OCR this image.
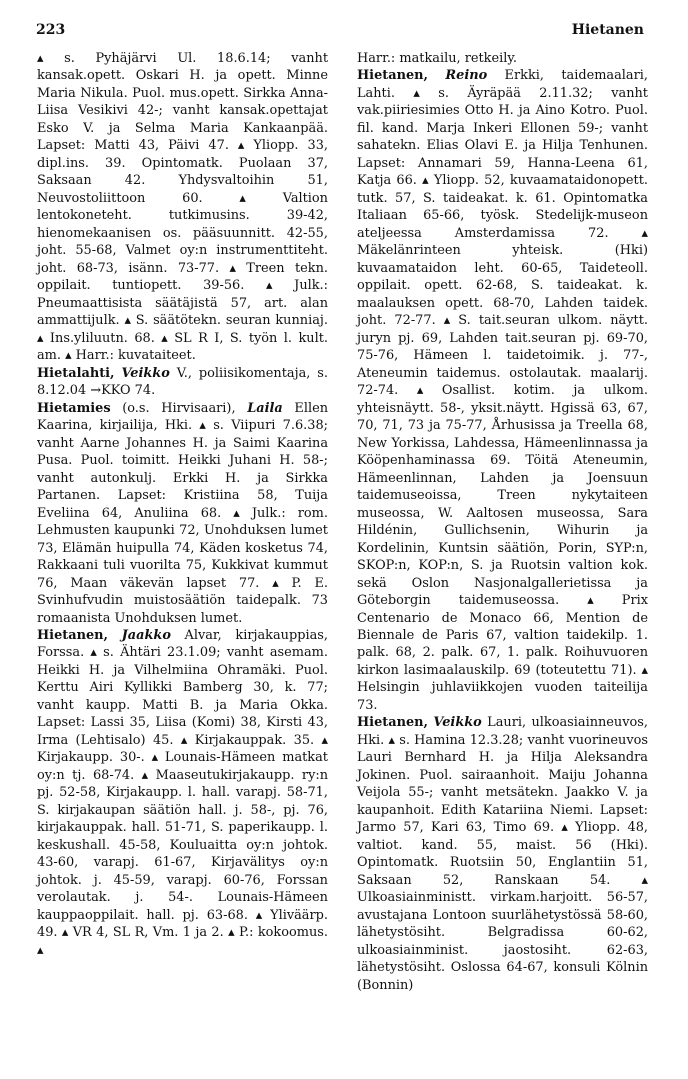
223	Hietanen

▴ s. Pyhäjärvi Ul. 18.6.14; vanht kansak.opett. Oskari H. ja opett. Minne Maria Nikula. Puol. mus.opett. Sirkka Anna-Liisa Vesikivi 42-; vanht kansak.opettajat Esko V. ja Selma Maria Kankaanpää. Lapset: Matti 43, Päivi 47. ▴ Yliopp. 33, dipl.ins. 39. Opintomatk. Puolaan 37, Saksaan 42. Yhdysvaltoihin 51, Neuvostoliittoon 60. ▴ Valtion lentokoneteht. tutkimusins. 39-42, hienomekaanisen os. pääsuunnitt. 42-55, joht. 55-68, Valmet oy:n instrumenttiteht. joht. 68-73, isänn. 73-77. ▴ Treen tekn. oppilait. tuntiopett. 39-56. ▴ Julk.: Pneumaattisista säätäjistä 57, art. alan ammattijulk. ▴ S. säätötekn. seuran kunniaj. ▴ Ins.yliluutn. 68. ▴ SL R I, S. työn l. kult. am. ▴ Harr.: kuvataiteet.

Hietalahti, Veikko V., poliisikomentaja, s. 8.12.04 →KKO 74.

Hietamies (o.s. Hirvisaari), Laila Ellen Kaarina, kirjailija, Hki. ▴ s. Viipuri 7.6.38; vanht Aarne Johannes H. ja Saimi Kaarina Pusa. Puol. toimitt. Heikki Juhani H. 58-; vanht autonkulj. Erkki H. ja Sirkka Partanen. Lapset: Kristiina 58, Tuija Eveliina 64, Anuliina 68. ▴ Julk.: rom. Lehmusten kaupunki 72, Unohduksen lumet 73, Elämän huipulla 74, Käden kosketus 74, Rakkaani tuli vuorilta 75, Kukkivat kummut 76, Maan väkevän lapset 77. ▴ P. E. Svinhufvudin muistosäätiön taidepalk. 73 romaanista Unohduksen lumet.

Hietanen, Jaakko Alvar, kirjakauppias, Forssa. ▴ s. Ähtäri 23.1.09; vanht asemam. Heikki H. ja Vilhelmiina Ohramäki. Puol. Kerttu Airi Kyllikki Bamberg 30, k. 77; vanht kaupp. Matti B. ja Maria Okka. Lapset: Lassi 35, Liisa (Komi) 38, Kirsti 43, Irma (Lehtisalo) 45. ▴ Kirjakauppak. 35. ▴ Kirjakaupp. 30-. ▴ Lounais-Hämeen matkat oy:n tj. 68-74. ▴ Maaseutukirjakaupp. ry:n pj. 52-58, Kirjakaupp. l. hall. varapj. 58-71, S. kirjakaupan säätiön hall. j. 58-, pj. 76, kirjakauppak. hall. 51-71, S. paperikaupp. l. keskushall. 45-58, Kouluaitta oy:n johtok. 43-60, varapj. 61-67, Kirjavälitys oy:n johtok. j. 45-59, varapj. 60-76, Forssan verolautak. j. 54-. Lounais-Hämeen kauppaoppilait. hall. pj. 63-68. ▴ Yliväärp. 49. ▴ VR 4, SL R, Vm. 1 ja 2. ▴ P.: kokoomus. ▴

Harr.: matkailu, retkeily.

Hietanen, Reino Erkki, taidemaalari, Lahti. ▴ s. Äyräpää 2.11.32; vanht vak.piiriesimies Otto H. ja Aino Kotro. Puol. fil. kand. Marja Inkeri Ellonen 59-; vanht sahatekn. Elias Olavi E. ja Hilja Tenhunen. Lapset: Annamari 59, Hanna-Leena 61, Katja 66. ▴ Yliopp. 52, kuvaamataidonopett. tutk. 57, S. taideakat. k. 61. Opintomatka Italiaan 65-66, työsk. Stedelijk-museon ateljeessa Amsterdamissa 72. ▴ Mäkelänrinteen yhteisk. (Hki) kuvaamataidon leht. 60-65, Taideteoll. oppilait. opett. 62-68, S. taideakat. k. maalauksen opett. 68-70, Lahden taidek. joht. 72-77. ▴ S. tait.seuran ulkom. näytt. juryn pj. 69, Lahden tait.seuran pj. 69-70, 75-76, Hämeen l. taidetoimik. j. 77-, Ateneumin taidemus. ostolautak. maalarij. 72-74. ▴ Osallist. kotim. ja ulkom. yhteisnäytt. 58-, yksit.näytt. Hgissä 63, 67, 70, 71, 73 ja 75-77, Århusissa ja Treella 68, New Yorkissa, Lahdessa, Hämeenlinnassa ja Kööpenhaminassa 69. Töitä Ateneumin, Hämeenlinnan, Lahden ja Joensuun taidemuseoissa, Treen nykytaiteen museossa, W. Aaltosen museossa, Sara Hildénin, Gullichsenin, Wihurin ja Kordelinin, Kuntsin säätiön, Porin, SYP:n, SKOP:n, KOP:n, S. ja Ruotsin valtion kok. sekä Oslon Nasjonalgallerietissa ja Göteborgin taidemuseossa. ▴ Prix Centenario de Monaco 66, Mention de Biennale de Paris 67, valtion taidekilp. 1. palk. 68, 2. palk. 67, 1. palk. Roihuvuoren kirkon lasimaalauskilp. 69 (toteutettu 71). ▴ Helsingin juhlaviikkojen vuoden taiteilija 73.

Hietanen, Veikko Lauri, ulkoasiainneuvos, Hki. ▴ s. Hamina 12.3.28; vanht vuorineuvos Lauri Bernhard H. ja Hilja Aleksandra Jokinen. Puol. sairaanhoit. Maiju Johanna Veijola 55-; vanht metsätekn. Jaakko V. ja kaupanhoit. Edith Katariina Niemi. Lapset: Jarmo 57, Kari 63, Timo 69. ▴ Yliopp. 48, valtiot. kand. 55, maist. 56 (Hki). Opintomatk. Ruotsiin 50, Englantiin 51, Saksaan 52, Ranskaan 54. ▴ Ulkoasiainministt. virkam.harjoitt. 56-57, avustajana Lontoon suurlähetystössä 58-60, lähetystösiht. Belgradissa 60-62, ulkoasiainminist. jaostosiht. 62-63, lähetystösiht. Oslossa 64-67, konsuli Kölnin (Bonnin)
